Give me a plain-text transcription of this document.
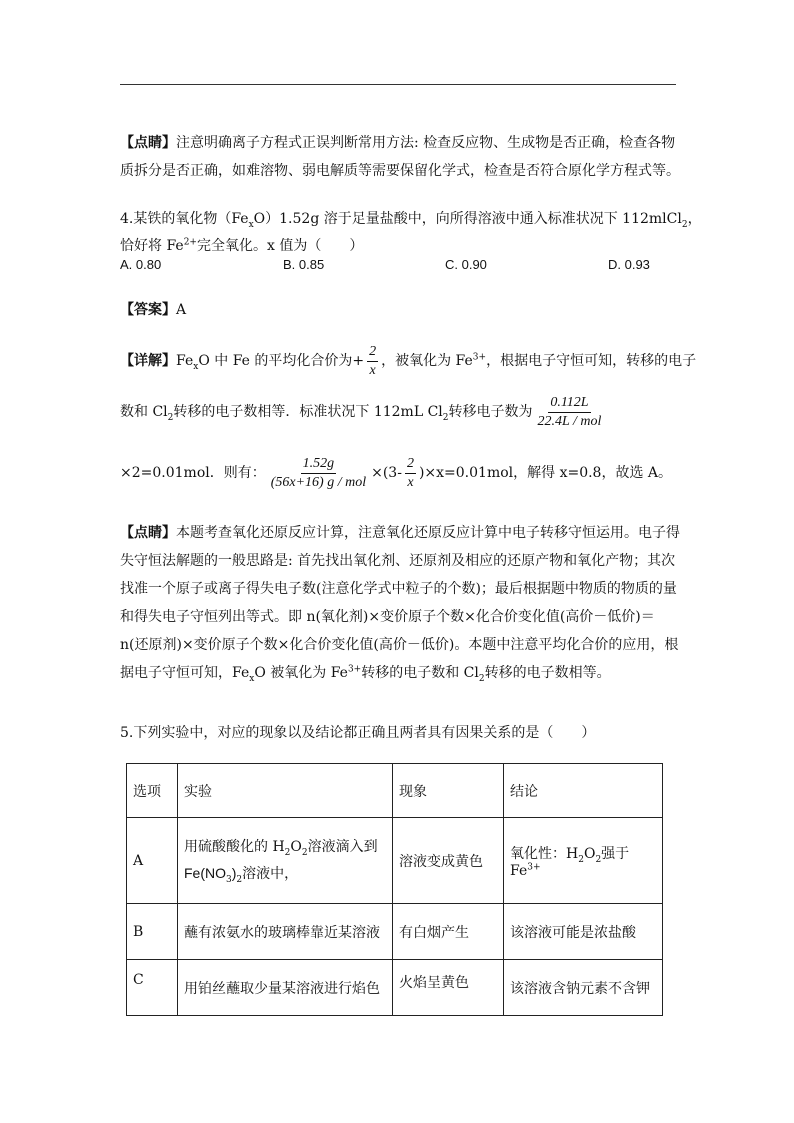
【点睛】注意明确离子方程式正误判断常用方法: 检查反应物、生成物是否正确，检查各物质拆分是否正确，如难溶物、弱电解质等需要保留化学式，检查是否符合原化学方程式等。
4.某铁的氧化物$(Fe_xO)1.52g$ 溶于足量盐酸中，向所得溶液中通入标准状况下 112mlCl$_2$，
恰好将 $Fe^{2+}$完全氧化。x 值为（　　）
A. 0.80	B. 0.85	C. 0.90	D. 0.93
【答案】A
【详解】$Fe_xO$ 中 Fe 的平均化合价为+ $\frac{2}{x}$ ，被氧化为 $Fe^{3+}$，根据电子守恒可知，转移的电子
数和 $Cl_2$转移的电子数相等．标准状况下 112mL $Cl_2$转移电子数为 $\frac{0.112L}{\text{22.4L / mol}}$
×2=0.01mol．则有： $\frac{1.52g}{\text{(56x+16) g / mol}} \times(3- \frac{2}{x} )\times x=0.01mol$，解得 x=0.8，故选 A。
【点睛】本题考查氧化还原反应计算，注意氧化还原反应计算中电子转移守恒运用。电子得失守恒法解题的一般思路是: 首先找出氧化剂、还原剂及相应的还原产物和氧化产物；其次找准一个原子或离子得失电子数(注意化学式中粒子的个数)；最后根据题中物质的物质的量和得失电子守恒列出等式。即 n(氧化剂)×变价原子个数×化合价变化值(高价－低价)＝n(还原剂)×变价原子个数×化合价变化值(高价－低价)。本题中注意平均化合价的应用，根据电子守恒可知，$Fe_xO$ 被氧化为 $Fe^{3+}$转移的电子数和 $Cl_2$转移的电子数相等。
5.下列实验中，对应的现象以及结论都正确且两者具有因果关系的是（　　）
选项	实验	现象	结论
A	用硫酸酸化的 $H_2O_2$溶液滴入到
$Fe(NO_3)_2$溶液中，	溶液变成黄色	氧化性：$H_2O_2$强于 $Fe^{3+}$
B	蘸有浓氨水的玻璃棒靠近某溶液	有白烟产生	该溶液可能是浓盐酸
C	用铂丝蘸取少量某溶液进行焰色	火焰呈黄色	该溶液含钠元素不含钾
